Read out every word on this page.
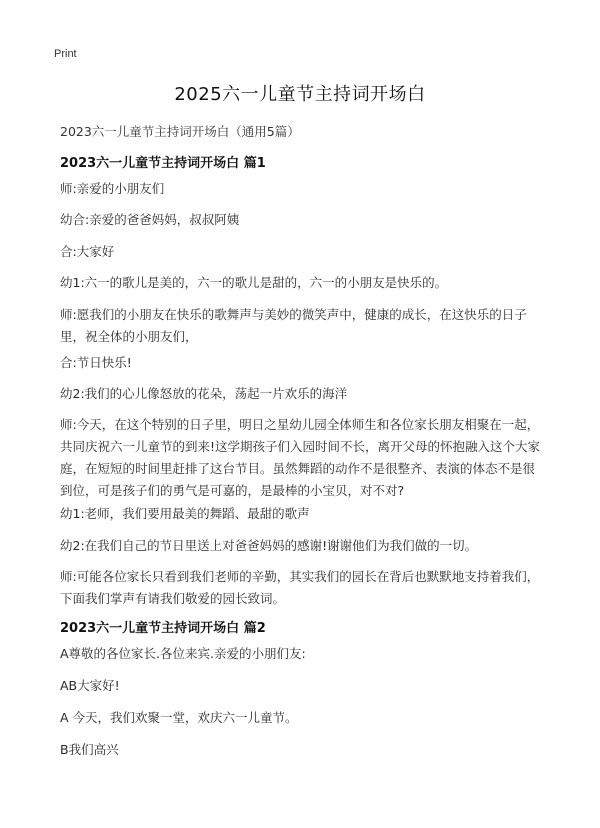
Print
2025六一儿童节主持词开场白
2023六一儿童节主持词开场白（通用5篇）
2023六一儿童节主持词开场白 篇1
师:亲爱的小朋友们
幼合:亲爱的爸爸妈妈，叔叔阿姨
合:大家好
幼1:六一的歌儿是美的，六一的歌儿是甜的，六一的小朋友是快乐的。
师:愿我们的小朋友在快乐的歌舞声与美妙的微笑声中，健康的成长，在这快乐的日子里，祝全体的小朋友们，
合:节日快乐!
幼2:我们的心儿像怒放的花朵，荡起一片欢乐的海洋
师:今天，在这个特别的日子里，明日之星幼儿园全体师生和各位家长朋友相聚在一起，共同庆祝六一儿童节的到来!这学期孩子们入园时间不长，离开父母的怀抱融入这个大家庭，在短短的时间里赶排了这台节目。虽然舞蹈的动作不是很整齐、表演的体态不是很到位，可是孩子们的勇气是可嘉的，是最棒的小宝贝，对不对?
幼1:老师，我们要用最美的舞蹈、最甜的歌声
幼2:在我们自己的节日里送上对爸爸妈妈的感谢!谢谢他们为我们做的一切。
师:可能各位家长只看到我们老师的辛勤，其实我们的园长在背后也默默地支持着我们，下面我们掌声有请我们敬爱的园长致词。
2023六一儿童节主持词开场白 篇2
A尊敬的各位家长.各位来宾.亲爱的小朋们友:
AB大家好!
A 今天，我们欢聚一堂，欢庆六一儿童节。
B我们高兴
